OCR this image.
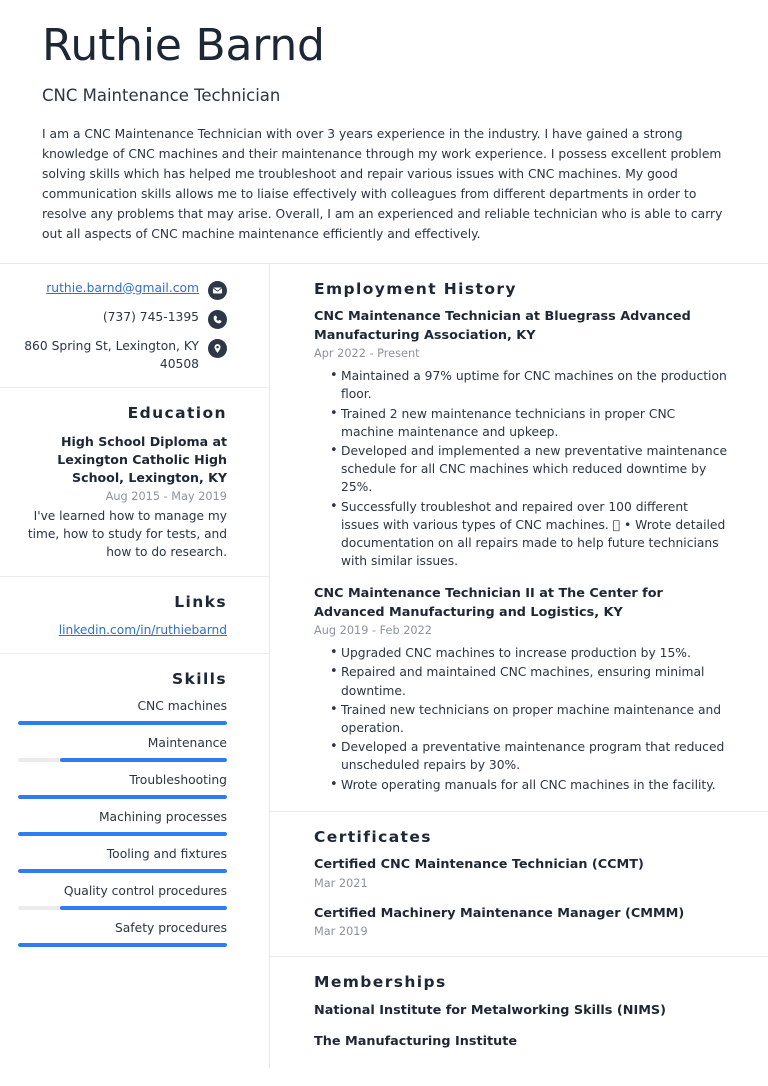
Ruthie Barnd
CNC Maintenance Technician

I am a CNC Maintenance Technician with over 3 years experience in the industry. I have gained a strong knowledge of CNC machines and their maintenance through my work experience. I possess excellent problem solving skills which has helped me troubleshoot and repair various issues with CNC machines. My good communication skills allows me to liaise effectively with colleagues from different departments in order to resolve any problems that may arise. Overall, I am an experienced and reliable technician who is able to carry out all aspects of CNC machine maintenance efficiently and effectively.

ruthie.barnd@gmail.com
(737) 745-1395
860 Spring St, Lexington, KY 40508
Education
High School Diploma at Lexington Catholic High School, Lexington, KY
Aug 2015 - May 2019
I've learned how to manage my time, how to study for tests, and how to do research.
Links
linkedin.com/in/ruthiebarnd
Skills
CNC machines
Maintenance
Troubleshooting
Machining processes
Tooling and fixtures
Quality control procedures
Safety procedures
Employment History
CNC Maintenance Technician at Bluegrass Advanced Manufacturing Association, KY
Apr 2022 - Present
• Maintained a 97% uptime for CNC machines on the production floor.
• Trained 2 new maintenance technicians in proper CNC machine maintenance and upkeep.
• Developed and implemented a new preventative maintenance schedule for all CNC machines which reduced downtime by 25%.
• Successfully troubleshot and repaired over 100 different issues with various types of CNC machines.   • Wrote detailed documentation on all repairs made to help future technicians with similar issues.
CNC Maintenance Technician II at The Center for Advanced Manufacturing and Logistics, KY
Aug 2019 - Feb 2022
• Upgraded CNC machines to increase production by 15%.
• Repaired and maintained CNC machines, ensuring minimal downtime.
• Trained new technicians on proper machine maintenance and operation.
• Developed a preventative maintenance program that reduced unscheduled repairs by 30%.
• Wrote operating manuals for all CNC machines in the facility.
Certificates
Certified CNC Maintenance Technician (CCMT)
Mar 2021
Certified Machinery Maintenance Manager (CMMM)
Mar 2019
Memberships
National Institute for Metalworking Skills (NIMS)
The Manufacturing Institute
